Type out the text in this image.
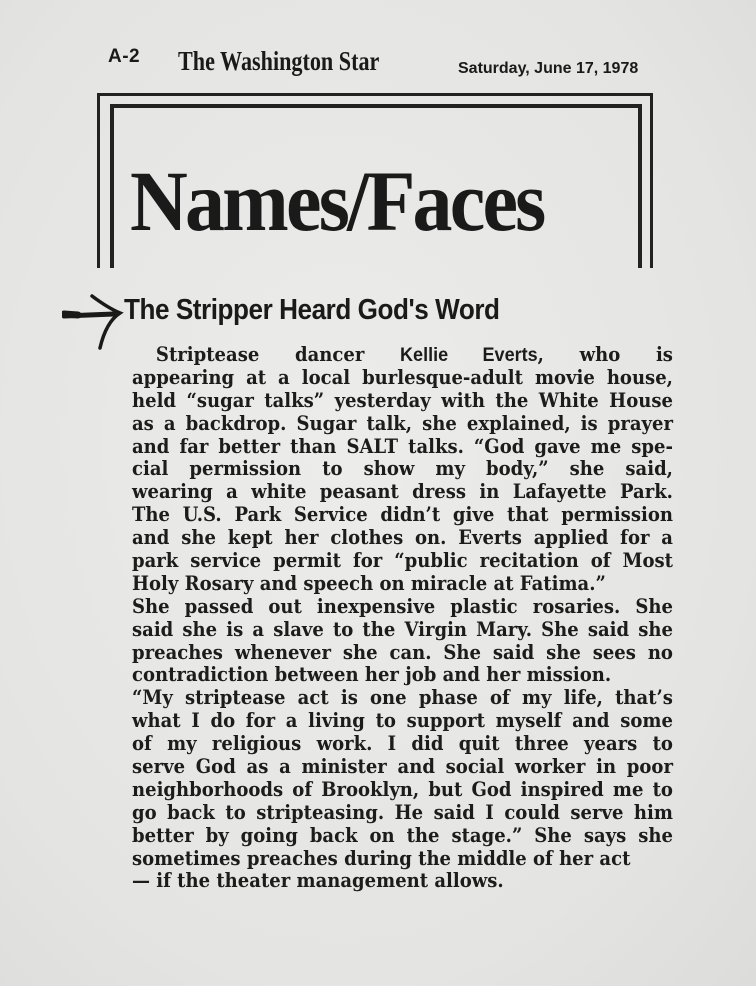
A-2 The Washington Star	Saturday, June 17, 1978
Names/Faces
The Stripper Heard God's Word
Striptease dancer Kellie Everts, who is
appearing at a local burlesque-adult movie house,
held “sugar talks” yesterday with the White House
as a backdrop. Sugar talk, she explained, is prayer
and far better than SALT talks. “God gave me spe-
cial permission to show my body,” she said,
wearing a white peasant dress in Lafayette Park.
The U.S. Park Service didn’t give that permission
and she kept her clothes on. Everts applied for a
park service permit for “public recitation of Most
Holy Rosary and speech on miracle at Fatima.”
She passed out inexpensive plastic rosaries. She
said she is a slave to the Virgin Mary. She said she
preaches whenever she can. She said she sees no
contradiction between her job and her mission.
“My striptease act is one phase of my life, that’s
what I do for a living to support myself and some
of my religious work. I did quit three years to
serve God as a minister and social worker in poor
neighborhoods of Brooklyn, but God inspired me to
go back to stripteasing. He said I could serve him
better by going back on the stage.” She says she
sometimes preaches during the middle of her act
— if the theater management allows.
